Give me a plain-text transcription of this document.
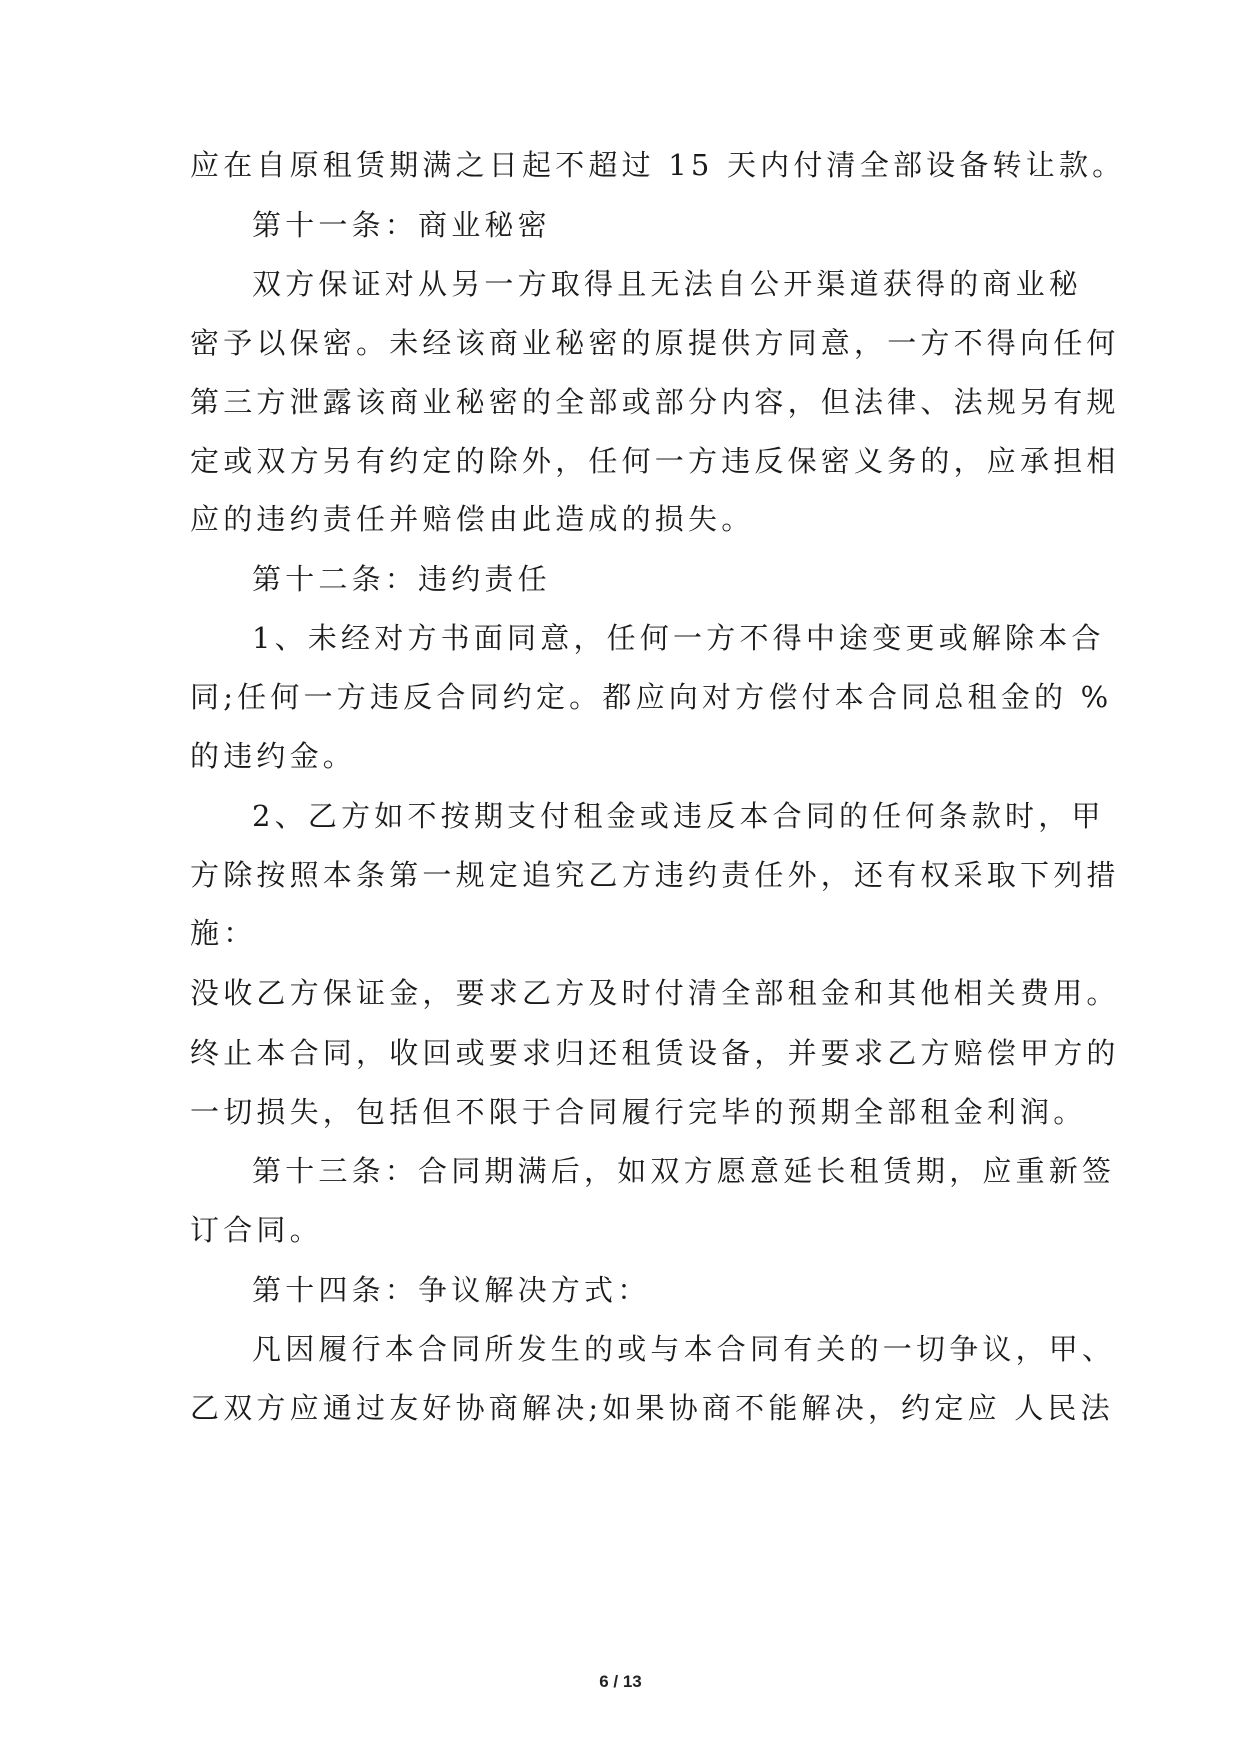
应在自原租赁期满之日起不超过 15 天内付清全部设备转让款。
第十一条：商业秘密
双方保证对从另一方取得且无法自公开渠道获得的商业秘
密予以保密。未经该商业秘密的原提供方同意，一方不得向任何
第三方泄露该商业秘密的全部或部分内容，但法律、法规另有规
定或双方另有约定的除外，任何一方违反保密义务的，应承担相
应的违约责任并赔偿由此造成的损失。
第十二条：违约责任
1、未经对方书面同意，任何一方不得中途变更或解除本合
同;任何一方违反合同约定。都应向对方偿付本合同总租金的 %
的违约金。
2、乙方如不按期支付租金或违反本合同的任何条款时，甲
方除按照本条第一规定追究乙方违约责任外，还有权采取下列措
施：
没收乙方保证金，要求乙方及时付清全部租金和其他相关费用。
终止本合同，收回或要求归还租赁设备，并要求乙方赔偿甲方的
一切损失，包括但不限于合同履行完毕的预期全部租金利润。
第十三条：合同期满后，如双方愿意延长租赁期，应重新签
订合同。
第十四条：争议解决方式：
凡因履行本合同所发生的或与本合同有关的一切争议，甲、
乙双方应通过友好协商解决;如果协商不能解决，约定应 人民法
6 / 13
